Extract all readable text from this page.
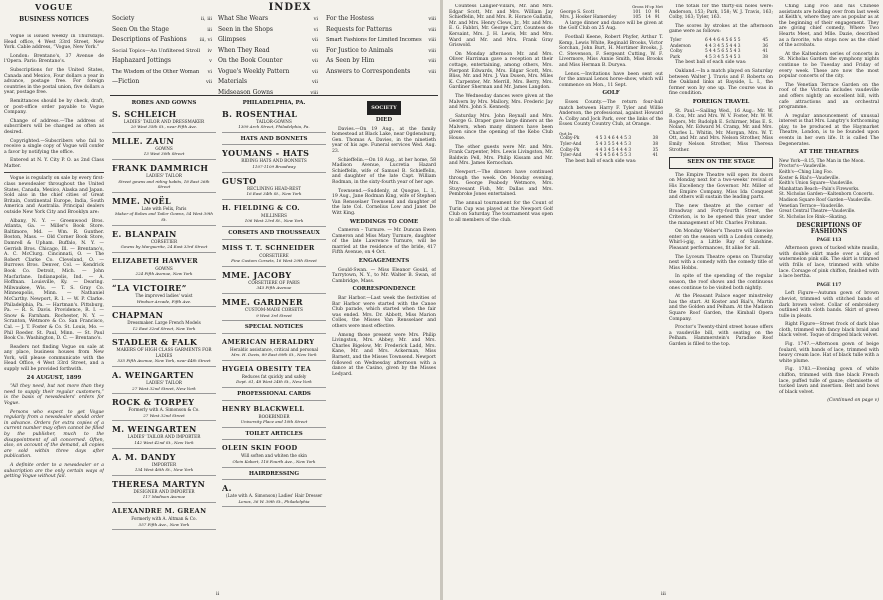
VOGUE
BUSINESS NOTICES

Vogue is issued weekly in Thursdays. Head office, 4 West 33rd Street, New York. Cable address, “Vogue, New York.”

London: Brentano's, 37 Avenue de l'Opera. Paris: Brentano's.

Subscriptions for the United States, Canada and Mexico, Four dollars a year in advance, postage free. For foreign countries in the postal union, five dollars a year, postage free.

Remittances should be by check, draft, or post-office order payable to Vogue Company.

Change of address.—The address of subscribers will be changed as often as desired.

Copyrighted.—Subscribers who fail to receive a single copy of Vogue will confer a favor by notifying the office.

Entered at N. Y. City P. O. as 2nd Class Matter.

Vogue is regularly on sale by every first-class newsdealer throughout the United States, Canada, Mexico, Alaska and Japan. Sold also in the chief cities of Great Britain, Continental Europe, India, South America and Australia. Principal dealers outside New York City and Brooklyn are:

Albany, N. Y. — Greenwood Bros. Atlanta, Ga. — Miller's Book Store. Baltimore, Md. — Wm. R. Gunther. Boston, Mass. — Old Corner Book Store, Damrell & Upham. Buffalo, N. Y. — Gerrish Bros. Chicago, Ill. — Brentano's, A. C. McClurg. Cincinnati, O. — The Robert Clarke Co. Cleveland, O. — Burrows Bros. Denver, Col. — Kendrick Book Co. Detroit, Mich. — John Macfarlane. Indianapolis, Ind. — A. Hoffman. Louisville, Ky. — Dearing. Milwaukee, Wis. — T. S. Gray Co. Minneapolis, Minn. — Nathaniel McCarthy. Newport, R. I. — W. P. Clarke. Philadelphia, Pa. — Hartman's. Pittsburg, Pa. — R. S. Davis. Providence, R. I. — Snow & Farnham. Rochester, N. Y. — Scranton, Wetmore & Co. San Francisco, Cal. — J. T. Foster & Co. St. Louis, Mo. — Phil Roeder. St. Paul, Minn. — St. Paul Book Co. Washington, D. C. — Brentano's.

Readers not finding Vogue on sale at any place, business houses from New York, will please communicate with the Head Office, 4 West 33rd Street, and a supply will be provided forthwith.

24 AUGUST, 1899

“All they need, but not more than they need to supply their regular customers,” is the basis of newsdealers' orders for Vogue.

Persons who expect to get Vogue regularly from a newsdealer should order in advance. Orders for extra copies of a current number may often cannot be filled by the publisher, much to the disappointment of all concerned. Often, also, on account of the demand, all copies are sold within three days after publication.

A definite order to a newsdealer or a subscription are the only certain ways of getting Vogue without fail.

INDEX
Society	ii, iii
Seen On the Stage	iii
Descriptions of Fashions	iii, vi
Social Topics—An Unfiltered Stroll iv
Haphazard Jottings	v
The Wisdom of the Other Woman vi
—Fiction	vii
What She Wears	vi
Seen in the Shops	vi
Glimpses	vii
When They Read	vii
On the Book Counter	vii
Vogue's Weekly Pattern	vii
Materials	vii
Midseason Gowns	viii
For the Hostess	viii
Requests for Patterns	viii
Smart Fashions for Limited Incomes viii
For Justice to Animals	viii
As Seen by Him	viii
Answers to Correspondents	viii
ROBES AND GOWNS
S. SCHLEICH
LADIES' TAILOR AND DRESSMAKER
20 West 35th St., near Fifth Ave.
MLLE. ZAUN
GOWNS
13 West 30th Street
FRANK DAMMRICH
LADIES' TAILOR
Street gowns and riding habits, 18 East 26th Street
MME. NOËL
Late with Felix, Paris
Maker of Robes and Tailor Gowns, 54 West 39th St.
E. BLANPAIN
CORSETIER
Gowns by Marguerite, 24 East 33rd Street
ELIZABETH HAWVER
GOWNS
224 Fifth Avenue, New York
“LA VICTOIRE”
The improved ladies' waist
Windsor Arcade, Fifth Ave.
CHAPMAN
Dressmaker. Large French Models
12 East 32nd Street, New York
STADLER & FALK
MAKERS OF HIGH CLASS GARMENTS FOR LADIES
535 Fifth Avenue, New York, near 44th Street
A. WEINGARTEN
LADIES' TAILOR
27 West 32nd Street, New York
ROCK & TORPEY
Formerly with A. Simonson & Co.
27 West 32nd Street
M. WEINGARTEN
LADIES' TAILOR AND IMPORTER
142 West 42nd St., New York
A. M. DANDY
IMPORTER
134 West 46th St., New York
THERESA MARTYN
DESIGNER AND IMPORTER
117 Madison Avenue
ALEXANDRE M. GREAN
Formerly with A. Altman & Co.
557 Fifth Ave., New York
PHILADELPHIA, PA.
B. ROSENTHAL
TAILOR-GOWNS
1309 Arch Street, Philadelphia, Pa.
HATS AND BONNETS
YOUMANS - HATS
RIDING HATS AND BONNETS
1107-1109 Broadway
GUSTO
RECLINING HEAD-REST
16 East 34th St., New York
H. FIELDING & CO.
MILLINERS
106 West 23rd St., New York
CORSETS AND TROUSSEAUX
MISS T. T. SCHNEIDER
CORSETIERE
Fine Custom Corsets, 16 West 29th Street
MME. JACOBY
CORSETIERE OF PARIS
345 Fifth Avenue
MME. GARDNER
CUSTOM-MADE CORSETS
9 West 3rd Street
SPECIAL NOTICES
AMERICAN HERALDRY
Heraldic assistance, critical and personal
Mrs. H. Davis, 89 East 69th St., New York
HYGEIA OBESITY TEA
Reduces fat quickly and safely
Dept. 61, 48 West 24th St., New York
PROFESSIONAL CARDS
HENRY BLACKWELL
BOOKBINDER
University Place and 10th Street
TOILET ARTICLES
OLEIN SKIN FOOD
Will soften and whiten the skin
Olein Kobart, 118 Fourth Ave., New York
HAIRDRESSING
A.
(Late with A. Simonson) Ladies' Hair Dresser
Lenox, 36 W. 39th St., Philadelphia
SOCIETY
DIED

Davies.—On 19 Aug., at the family homestead at Black Lake, near Ogdensburg, Gen. Thomas A. Davies, in the ninetieth year of his age. Funeral services Wed. Aug. 23.

Schieffelin.—On 18 Aug., at her home, 58 Madison Avenue, Lucretia Hazard Schieffelin, wife of Samuel B. Schieffelin, and daughter of the late Capt. William Rodman, in the sixty-fourth year of her age.

Townsend.—Suddenly, at Quogue, L. I., 19 Aug., Jane Rodman King, wife of Stephen Van Rensselaer Townsend and daughter of the late Col. Cornelius Low and Janet De Witt King.

WEDDINGS TO COME

Cameron – Turnure. — Mr. Duncan Ewen Cameron and Miss Mary Turnure, daughter of the late Lawrence Turnure, will be married at the residence of the bride, 417 Fifth Avenue, on 4 Oct.

ENGAGEMENTS

Gould-Swan. — Miss Eleanor Gould, of Tarrytown, N. Y., to Mr. Walter B. Swan, of Cambridge, Mass.

CORRESPONDENCE

Bar Harbor.—Last week the festivities of Bar Harbor were started with the Canoe Club parade, which started when the fair was ended. Mrs. Dr. Abbott, Miss Marion Colles, the Misses Van Rensselaer and others were most effective.

Among those present were Mrs. Philip Livingston, Mrs. Abbey, Mr. and Mrs. Charles Bigelow, Mr. Frederick Ladd, Mrs. Kane, Mr. and Mrs. Ackerman, Miss Barnett, and the Misses Townsend. Newport followed on Wednesday afternoon with a dance at the Casino, given by the Misses Ledyard.

ii

Countess Langier-Villars, Mr. and Mrs. Edgar Scott, Mr. and Mrs. William Jay Schieffelin, Mr. and Mrs. R. Horace Gallatin, Mr. and Mrs. Henry Clews, Jr., Mr. and Mrs. E. G. Fabbri, Mr. George Carr, Countess de Kersaint, Mrs. J. H. Lewis, Mr. and Mrs. Ward and Mr. and Mrs. Frank Gray Griswold.

On Monday afternoon Mr. and Mrs. Oliver Harriman gave a reception at their cottage, entertaining, among others, Mrs. Pierpont Edwards, Mrs. Edgar Scott, Mrs. Bliss, Mr. and Mrs. J. Van Dusen, Mrs. Miles K. Carpenter, Mr. Merrill, Mrs. Berry, Mrs. Gardiner Sherman and Mr. James Langdon.

The Wednesday dances were given at the Malvern by Mrs. Mallory, Mrs. Frederic Jay and Mrs. John S. Kennedy.

Saturday Mrs. John Reynall and Mrs. George G. Draper gave large dinners at the Malvern, when many dinners have been given since the opening of the Kebo Club House.

The other guests were Mr. and Mrs. Frank Carpenter, Mrs. Lewis Livingston, Mr. Baldwin Pell, Mrs. Philip Kissam and Mr. and Mrs. James Kernochan.

Newport.—The dinners have continued through the week. On Monday evening, Mrs. George Peabody Wetmore, Mrs. Stuyvesant Fish, Mr. Dallas and Mrs. Pembroke Jones entertained.

The annual tournament for the Count of Turin Cup was played at the Newport Golf Club on Saturday. The tournament was open to all members of the club.

Gross H'cp Net
George S. Scott	101	10	91
Mrs. J. Hooker Hamersley	105	14	91

A large dinner and dance will be given at the Golf Club on 25 Aug.

Football Keene, Robert Phyfer, Arthur T. Kemp, Lewis White, Reginald Brooks, Victor Sorchan, John Burt, H. Mortimer Brooks, J. C. Stevenson, F. Sergeant Cutting, W. F. Livermore, Miss Annie Smith, Miss Brooks and Miss Herman B. Duryea.

Lenox.—Invitations have been sent out for the annual Lenox horse-show, which will commence on Mon., 11 Sept.

GOLF

Essex County.—The return four-ball match between Harry F. Tyler and Willie Anderson, the professional, against Howard A. Colby and Jock Park, over the links of the Essex County Country Club, at Orange.

Out In
Colby-Pk	4 5 3 4 6 4 4 5 3	38
Tyler-And	5 4 3 5 5 4 4 5 3	38
Colby-Pk	4 4 3 4 5 4 4 4 3	35
Tyler-And	4 5 4 5 6 4 5 5 3	41

The best ball of each side was:

The totals for the thirty-six holes were: Anderson, 153; Park, 158; W. J. Travis, 163; Colby, 163; Tyler, 163.

The scores by strokes at the afternoon game were as follows:

Tyler	6 4 4 6 4 5 6 5 5	45
Anderson	4 4 3 4 5 5 4 4 3	36
Colby	5 4 4 5 6 5 5 4 3	41
Park	4 5 3 4 5 5 4 5 3	38

The best ball of each side was:

Oakland.—In a match played on Saturday between Walter J. Travis and F. Roberts on the Oakland links at Bayside, L. I., the former won by one up. The course was in fine condition.

FOREIGN TRAVEL

St. Paul.—Sailing Wed., 16 Aug.: Mr. W. B. Cox, Mr. and Mrs. W. V. Foster, Mr. W. W. Rogers, Mr. Rudolph E. Schirmer, Miss E. S. Nolan, Mr. Edward M. Cramp, Mr. and Mrs. Charles L. Whitin, Mr. Morgan, Mrs. W. T. Ott, and Mr. and Mrs. Nelson Strother, Miss Emily Nelson Strother, Miss Theresa Strother.

SEEN ON THE STAGE

The Empire Theatre will open its doors on Monday next for a two-weeks' revival of His Excellency the Governor. Mr. Miller of the Empire Company, Miss Ida Conquest and others will sustain the leading parts.

The new theatre at the corner of Broadway and Forty-fourth Street, the Criterion, is to be opened this year under the management of Mr. Charles Frohman.

On Monday Weber's Theatre will likewise enter on the season with a London comedy, Whirl-i-gig, a Little Ray of Sunshine. Pleasant performances, fit alike for all.

The Lyceum Theatre opens on Thursday next with a comedy with the comedy title of Miss Hobbs.

In spite of the spending of the regular season, the roof shows and the continuous ones continue to be visited both nightly.

At the Pleasant Palace eager minstrelsy has the start. At Koster and Bial's, Martin and the Golden and Pelham. At the Madison Square Roof Garden, the Kimball Opera Company.

Proctor's Twenty-third street house offers a vaudeville bill, with seating on the Pelham. Hammerstein's Paradise Roof Garden is filled to the top.

Ching Ling Foo and his Chinese assistants are holding over from last week at Keith's, where they are as popular as at the beginning of their engagement. They are giving chief comedy, Where Two Hearts Meet, and Mlle. Dazie, described as a favorite, who stops now as the chief of the acrobats.

At the Kaltenborn series of concerts in St. Nicholas Garden the symphony nights continue to be Tuesday and Friday of every week. These are now the most popular concerts of the city.

The Venetian Terrace Garden on the roof of the Victoria includes vaudeville and offers nightly an excellent bill, with cafe attractions and an orchestral programme.

A regular announcement of unusual interest is that Mrs. Langtry's forthcoming play, to be produced at the Haymarket Theatre, London, is to be founded upon events in her own life. It is called The Degenerates.

AT THE THEATRES
New York—8.15, The Man in the Moon.
Proctor's—Vaudeville.
Keith's—Ching Ling Foo.
Koster & Bial's—Vaudeville.
Keith's Union Square—Vaudeville.
Manhattan Beach—Pain's Fireworks.
St. Nicholas Garden—Kaltenborn Concerts.
Madison Square Roof Garden—Vaudeville.
Venetian Terrace—Vaudeville.
Great Central Theatre—Vaudeville.
St. Nicholas Ice Rink—Skating.
DESCRIPTIONS OF FASHIONS
PAGE 113

Afternoon gown of tucked white muslin, with double skirt made over a slip of watermelon pink silk. The skirt is trimmed with frills of lace, trimmed with white lace. Corsage of pink chiffon, finished with a lace bertha.

PAGE 117

Left Figure—Autumn gown of brown cheviot, trimmed with stitched bands of dark brown velvet. Collar of embroidery outlined with cloth bands. Skirt of green tulle in pleats.

Right Figure—Street frock of dark blue cloth, trimmed with fancy black braid and black velvet. Toque of draped black velvet.

Fig. 1747.—Afternoon gown of beige foulard, with bands of lace, trimmed with heavy cream lace. Hat of black tulle with a white plume.

Fig. 1783.—Evening gown of white chiffon, trimmed with fine black French lace, puffed tulle of gauze; chemisette of tucked lawn and insertion. Belt and bows of black velvet.

(Continued on page v)
iii
